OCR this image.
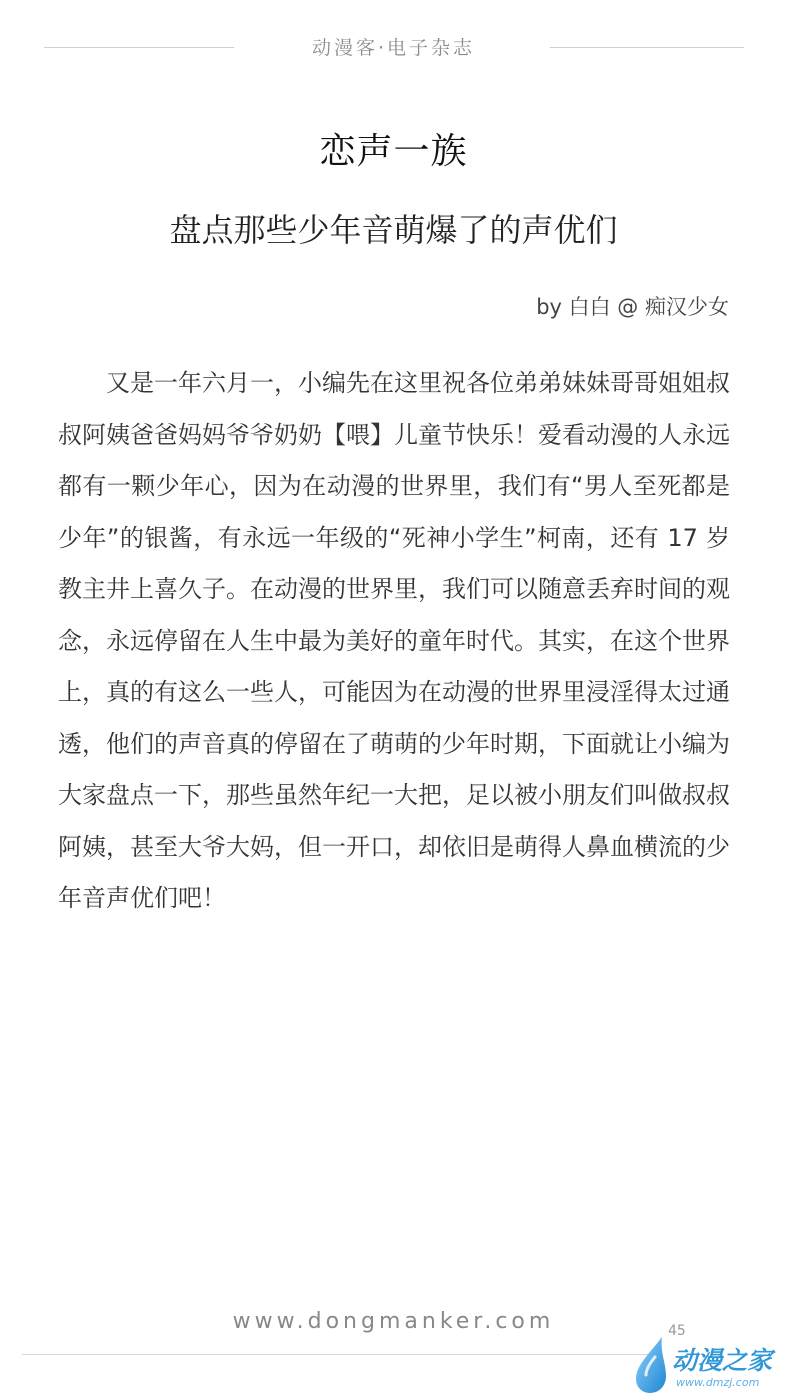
动漫客·电子杂志
恋声一族
盘点那些少年音萌爆了的声优们
by 白白 @ 痴汉少女

又是一年六月一，小编先在这里祝各位弟弟妹妹哥哥姐姐叔叔阿姨爸爸妈妈爷爷奶奶【喂】儿童节快乐！爱看动漫的人永远都有一颗少年心，因为在动漫的世界里，我们有“男人至死都是少年”的银酱，有永远一年级的“死神小学生”柯南，还有 17 岁教主井上喜久子。在动漫的世界里，我们可以随意丢弃时间的观念，永远停留在人生中最为美好的童年时代。其实，在这个世界上，真的有这么一些人，可能因为在动漫的世界里浸淫得太过通透，他们的声音真的停留在了萌萌的少年时期，下面就让小编为大家盘点一下，那些虽然年纪一大把，足以被小朋友们叫做叔叔阿姨，甚至大爷大妈，但一开口，却依旧是萌得人鼻血横流的少年音声优们吧！

www.dongmanker.com	45
动漫之家
www.dmzj.com
